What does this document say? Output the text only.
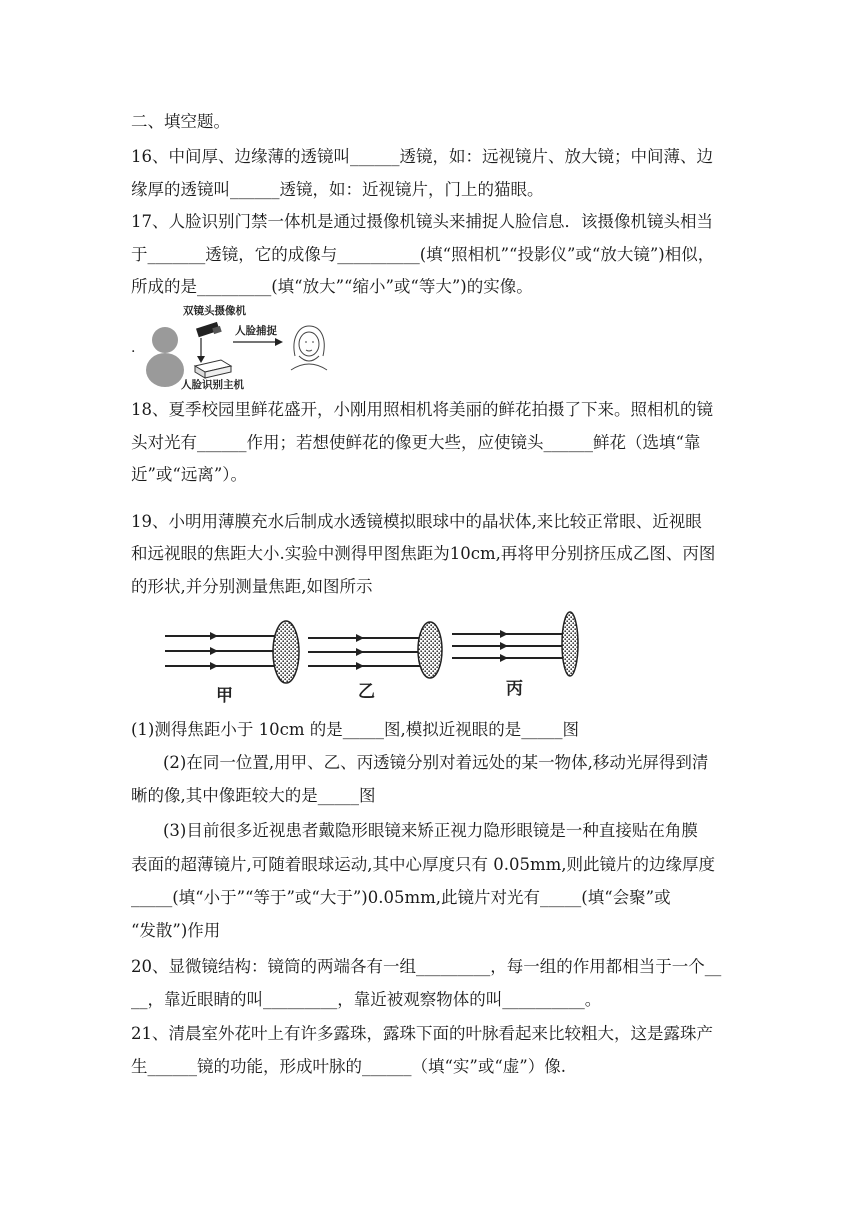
二、填空题。
16、中间厚、边缘薄的透镜叫______透镜，如：远视镜片、放大镜；中间薄、边
缘厚的透镜叫______透镜，如：近视镜片，门上的猫眼。
17、人脸识别门禁一体机是通过摄像机镜头来捕捉人脸信息．该摄像机镜头相当
于_______透镜，它的成像与__________(填“照相机”“投影仪”或“放大镜”)相似，
所成的是_________(填“放大”“缩小”或“等大”)的实像。
.
双镜头摄像机
人脸识别主机
人脸捕捉
18、夏季校园里鲜花盛开，小刚用照相机将美丽的鲜花拍摄了下来。照相机的镜
头对光有______作用；若想使鲜花的像更大些，应使镜头______鲜花（选填“靠
近”或“远离”）。
19、小明用薄膜充水后制成水透镜模拟眼球中的晶状体,来比较正常眼、近视眼
和远视眼的焦距大小.实验中测得甲图焦距为10cm,再将甲分别挤压成乙图、丙图
的形状,并分别测量焦距,如图所示
甲	乙	丙
(1)测得焦距小于 10cm 的是_____图,模拟近视眼的是_____图
(2)在同一位置,用甲、乙、丙透镜分别对着远处的某一物体,移动光屏得到清
晰的像,其中像距较大的是_____图
(3)目前很多近视患者戴隐形眼镜来矫正视力隐形眼镜是一种直接贴在角膜
表面的超薄镜片,可随着眼球运动,其中心厚度只有 0.05mm,则此镜片的边缘厚度
_____(填“小于”“等于”或“大于”)0.05mm,此镜片对光有_____(填“会聚”或
“发散”)作用
20、显微镜结构：镜筒的两端各有一组_________，每一组的作用都相当于一个__
__，靠近眼睛的叫_________，靠近被观察物体的叫__________。
21、清晨室外花叶上有许多露珠，露珠下面的叶脉看起来比较粗大，这是露珠产
生______镜的功能，形成叶脉的______（填“实”或“虚”）像.
